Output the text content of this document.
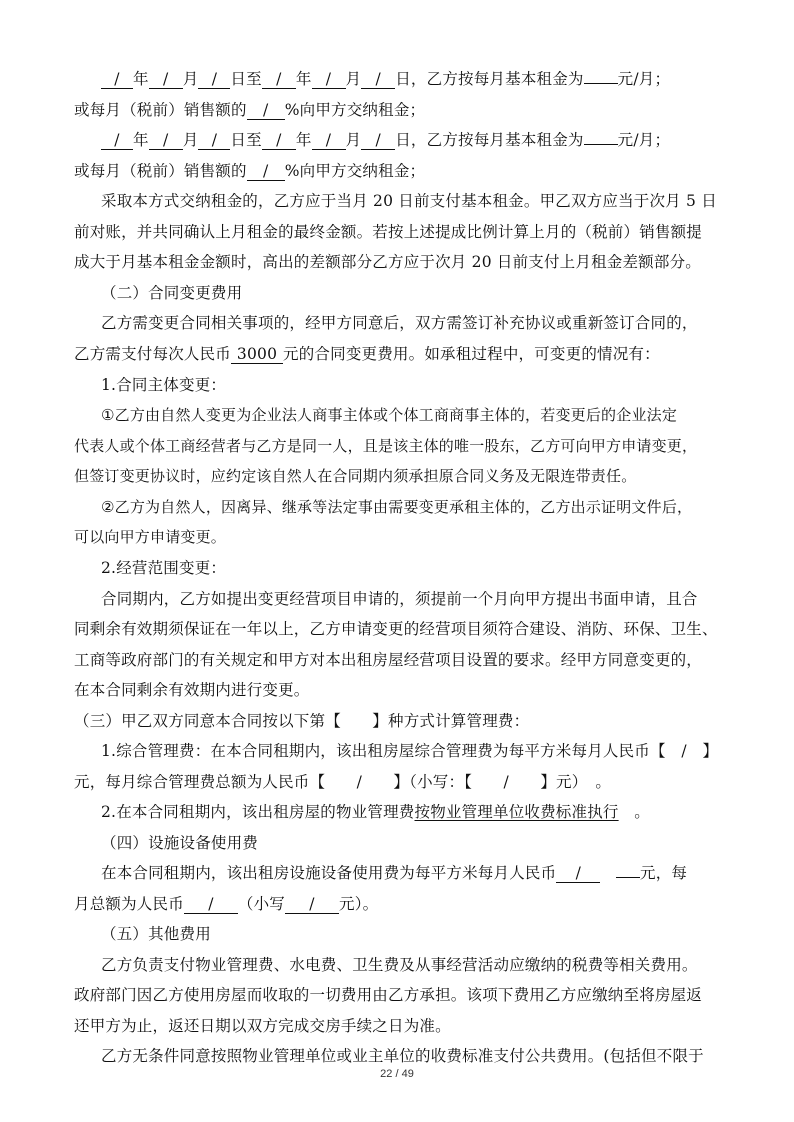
/ 年 / 月 / 日至 / 年 / 月 / 日，乙方按每月基本租金为 元/月；
或每月（税前）销售额的 / %向甲方交纳租金；
/ 年 / 月 / 日至 / 年 / 月 / 日，乙方按每月基本租金为 元/月；
或每月（税前）销售额的 / %向甲方交纳租金；
采取本方式交纳租金的，乙方应于当月 20 日前支付基本租金。甲乙双方应当于次月 5 日
前对账，并共同确认上月租金的最终金额。若按上述提成比例计算上月的（税前）销售额提
成大于月基本租金金额时，高出的差额部分乙方应于次月 20 日前支付上月租金差额部分。
（二）合同变更费用
乙方需变更合同相关事项的，经甲方同意后，双方需签订补充协议或重新签订合同的，
乙方需支付每次人民币 3000 元的合同变更费用。如承租过程中，可变更的情况有：
1.合同主体变更：
①乙方由自然人变更为企业法人商事主体或个体工商商事主体的，若变更后的企业法定
代表人或个体工商经营者与乙方是同一人，且是该主体的唯一股东，乙方可向甲方申请变更，
但签订变更协议时，应约定该自然人在合同期内须承担原合同义务及无限连带责任。
②乙方为自然人，因离异、继承等法定事由需要变更承租主体的，乙方出示证明文件后，
可以向甲方申请变更。
2.经营范围变更：
合同期内，乙方如提出变更经营项目申请的，须提前一个月向甲方提出书面申请，且合
同剩余有效期须保证在一年以上，乙方申请变更的经营项目须符合建设、消防、环保、卫生、
工商等政府部门的有关规定和甲方对本出租房屋经营项目设置的要求。经甲方同意变更的，
在本合同剩余有效期内进行变更。
（三）甲乙双方同意本合同按以下第【　　】种方式计算管理费：
1.综合管理费：在本合同租期内，该出租房屋综合管理费为每平方米每月人民币【　/　】
元，每月综合管理费总额为人民币【　　/　　】（小写：【　　/　　】元）　。
2.在本合同租期内，该出租房屋的物业管理费按物业管理单位收费标准执行　。
（四）设施设备使用费
在本合同租期内，该出租房设施设备使用费为每平方米每月人民币 /　	元，每
月总额为人民币 / （小写 / 元）。
（五）其他费用
乙方负责支付物业管理费、水电费、卫生费及从事经营活动应缴纳的税费等相关费用。
政府部门因乙方使用房屋而收取的一切费用由乙方承担。该项下费用乙方应缴纳至将房屋返
还甲方为止，返还日期以双方完成交房手续之日为准。
乙方无条件同意按照物业管理单位或业主单位的收费标准支付公共费用。(包括但不限于
22 / 49
